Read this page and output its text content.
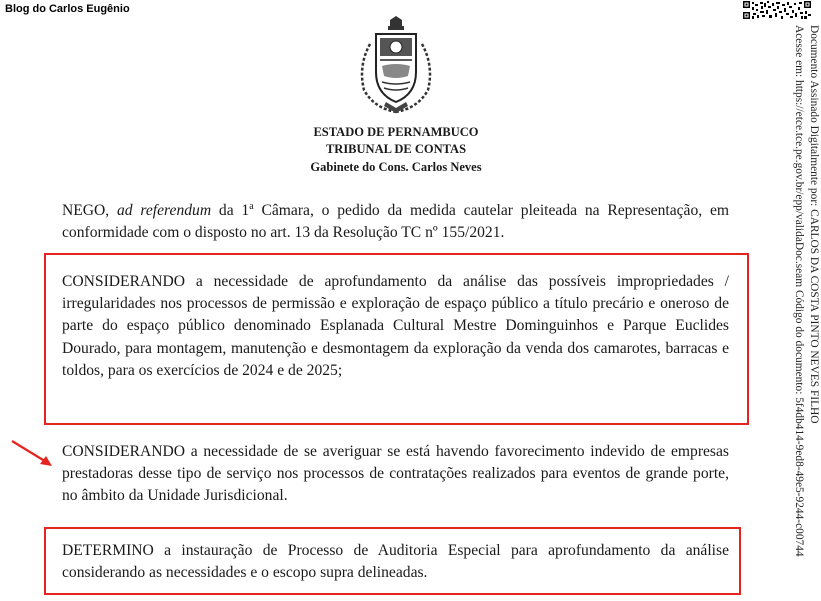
Blog do Carlos Eugênio
ESTADO DE PERNAMBUCO
TRIBUNAL DE CONTAS
Gabinete do Cons. Carlos Neves	Documento Assinado Digitalmente por: CARLOS DA COSTA PINTO NEVES FILHO
Acesse em: https://etce.tce.pe.gov.br/epp/validaDoc.seam Código do documento: 5f4db414-9ed8-49e5-9244-c00744

NEGO, ad referendum da 1$^a$ Câmara, o pedido da medida cautelar pleiteada na Representação, em conformidade com o disposto no art. 13 da Resolução TC nº 155/2021.

CONSIDERANDO a necessidade de aprofundamento da análise das possíveis impropriedades / irregularidades nos processos de permissão e exploração de espaço público a título precário e oneroso de parte do espaço público denominado Esplanada Cultural Mestre Dominguinhos e Parque Euclides Dourado, para montagem, manutenção e desmontagem da exploração da venda dos camarotes, barracas e toldos, para os exercícios de 2024 e de 2025;

CONSIDERANDO a necessidade de se averiguar se está havendo favorecimento indevido de empresas prestadoras desse tipo de serviço nos processos de contratações realizados para eventos de grande porte, no âmbito da Unidade Jurisdicional.

DETERMINO a instauração de Processo de Auditoria Especial para aprofundamento da análise considerando as necessidades e o escopo supra delineadas.
